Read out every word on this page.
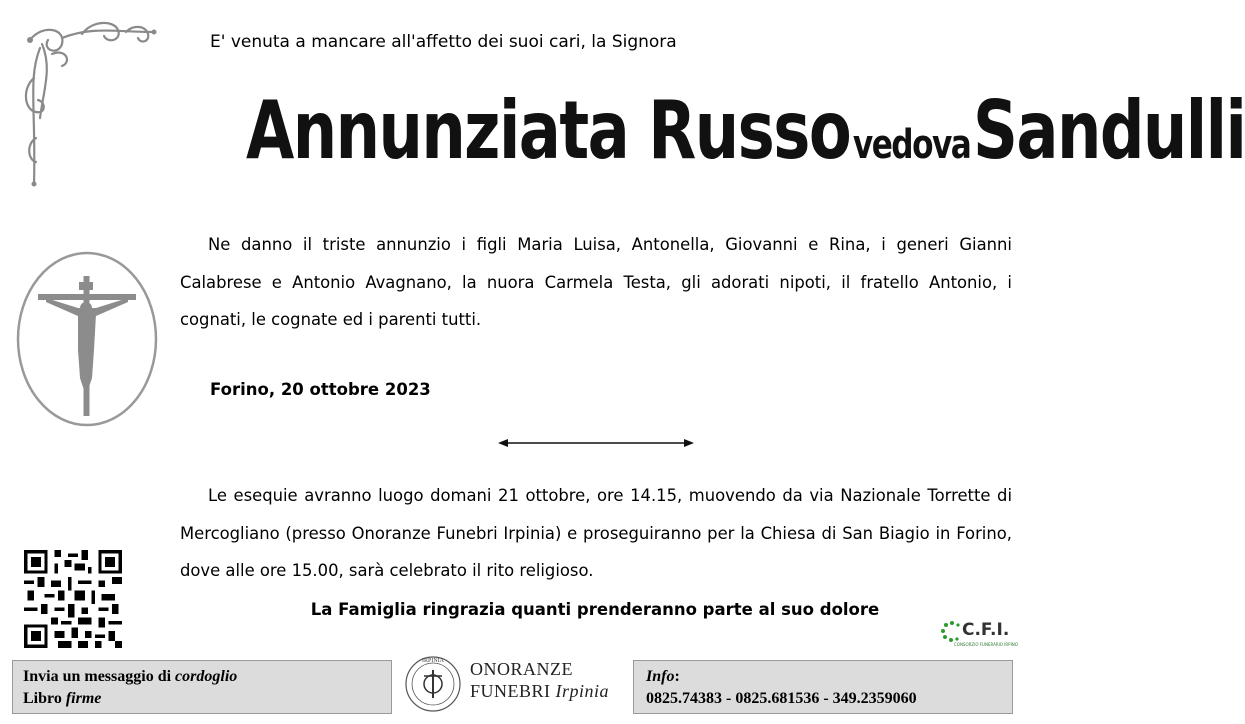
E' venuta a mancare all'affetto dei suoi cari, la Signora
Annunziata Russo vedova Sandulli
Ne danno il triste annunzio i figli Maria Luisa, Antonella, Giovanni e Rina, i generi Gianni Calabrese e Antonio Avagnano, la nuora Carmela Testa, gli adorati nipoti, il fratello Antonio, i cognati, le cognate ed i parenti tutti.
Forino, 20 ottobre 2023
Le esequie avranno luogo domani 21 ottobre, ore 14.15, muovendo da via Nazionale Torrette di Mercogliano (presso Onoranze Funebri Irpinia) e proseguiranno per la Chiesa di San Biagio in Forino, dove alle ore 15.00, sarà celebrato il rito religioso.
La Famiglia ringrazia quanti prenderanno parte al suo dolore
C.F.I.
CONSORZIO FUNERARIO IRPINO
Invia un messaggio di cordoglio
Libro firme
IRPINIA ONORANZE
FUNEBRI Irpinia
Info:
0825.74383 - 0825.681536 - 349.2359060
